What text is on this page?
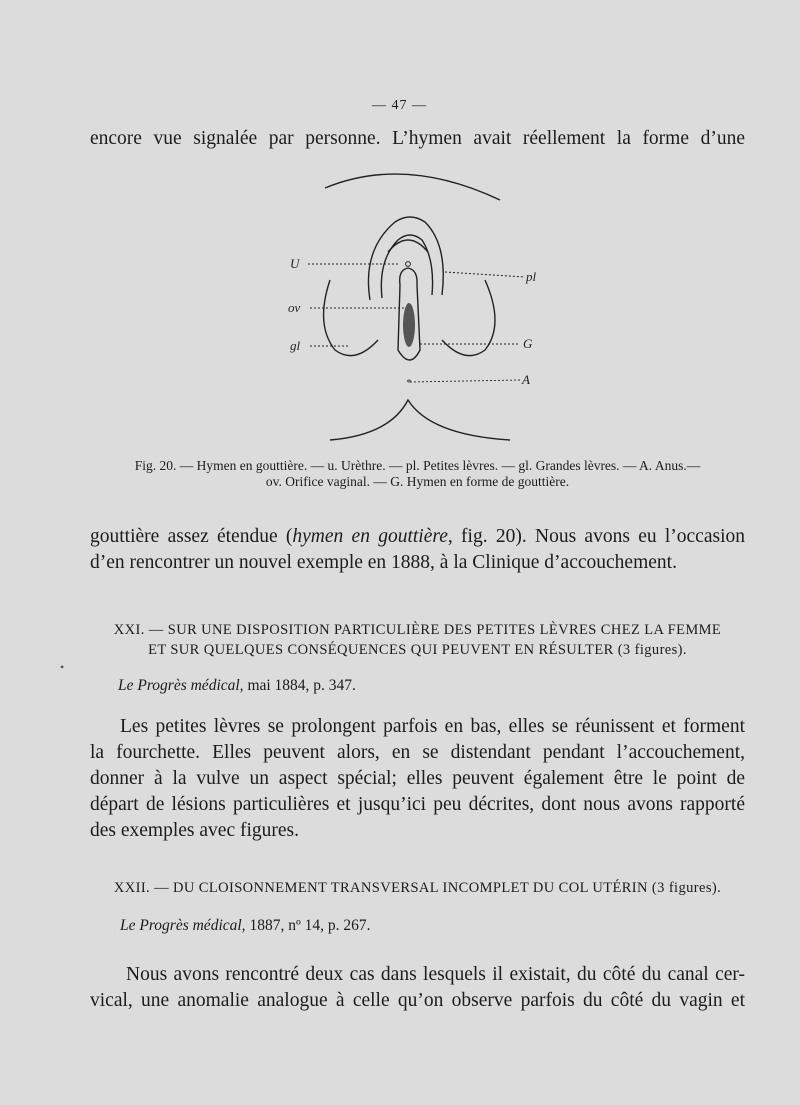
— 47 —
encore vue signalée par personne. L’hymen avait réellement la forme d’une
*
U
ov
gl
pl
G
A
Fig. 20. — Hymen en gouttière. — u. Urèthre. — pl. Petites lèvres. — gl. Grandes lèvres. — A. Anus.—
ov. Orifice vaginal. — G. Hymen en forme de gouttière.
gouttière assez étendue (hymen en gouttière, fig. 20). Nous avons eu l’occasion
d’en rencontrer un nouvel exemple en 1888, à la Clinique d’accouchement.
XXI. — SUR UNE DISPOSITION PARTICULIÈRE DES PETITES LÈVRES CHEZ LA FEMME
ET SUR QUELQUES CONSÉQUENCES QUI PEUVENT EN RÉSULTER (3 figures).
Le Progrès médical, mai 1884, p. 347.
Les petites lèvres se prolongent parfois en bas, elles se réunissent et forment
la fourchette. Elles peuvent alors, en se distendant pendant l’accouchement,
donner à la vulve un aspect spécial; elles peuvent également être le point de
départ de lésions particulières et jusqu’ici peu décrites, dont nous avons rapporté
des exemples avec figures.
XXII. — DU CLOISONNEMENT TRANSVERSAL INCOMPLET DU COL UTÉRIN (3 figures).
Le Progrès médical, 1887, nº 14, p. 267.
Nous avons rencontré deux cas dans lesquels il existait, du côté du canal cer-
vical, une anomalie analogue à celle qu’on observe parfois du côté du vagin et
•
